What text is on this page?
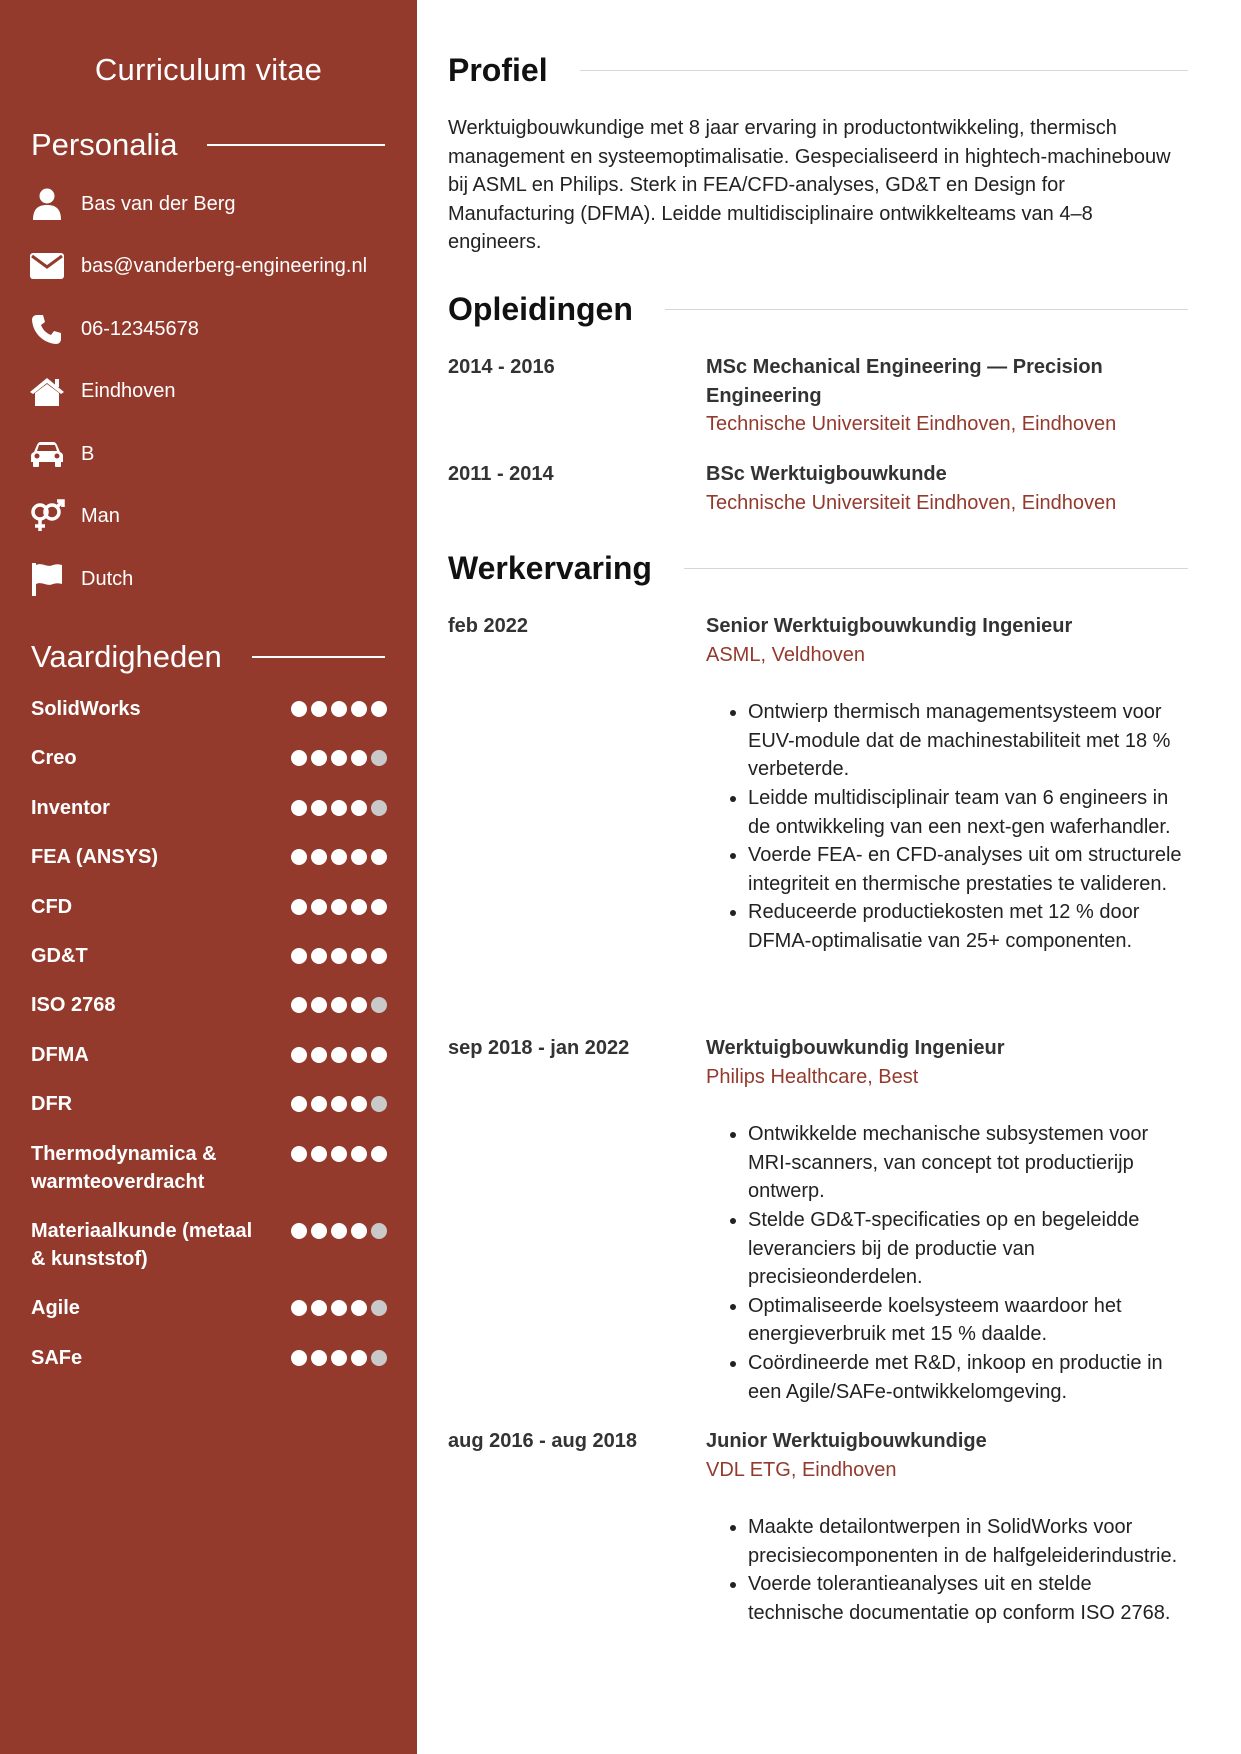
Curriculum vitae
Personalia
Bas van der Berg
bas@vanderberg-engineering.nl
06-12345678
Eindhoven
B
Man
Dutch
Vaardigheden
SolidWorks
Creo
Inventor
FEA (ANSYS)
CFD
GD&T
ISO 2768
DFMA
DFR
Thermodynamica & warmteoverdracht
Materiaalkunde (metaal & kunststof)
Agile
SAFe
Profiel
Werktuigbouwkundige met 8 jaar ervaring in productontwikkeling, thermisch management en systeemoptimalisatie. Gespecialiseerd in hightech-machinebouw bij ASML en Philips. Sterk in FEA/CFD-analyses, GD&T en Design for Manufacturing (DFMA). Leidde multidisciplinaire ontwikkelteams van 4–8 engineers.
Opleidingen
2014 - 2016	MSc Mechanical Engineering — Precision Engineering
Technische Universiteit Eindhoven, Eindhoven
2011 - 2014	BSc Werktuigbouwkunde
Technische Universiteit Eindhoven, Eindhoven
Werkervaring
feb 2022	Senior Werktuigbouwkundig Ingenieur
ASML, Veldhoven
• Ontwierp thermisch managementsysteem voor EUV-module dat de machinestabiliteit met 18 % verbeterde.
• Leidde multidisciplinair team van 6 engineers in de ontwikkeling van een next-gen waferhandler.
• Voerde FEA- en CFD-analyses uit om structurele integriteit en thermische prestaties te valideren.
• Reduceerde productiekosten met 12 % door DFMA-optimalisatie van 25+ componenten.
sep 2018 - jan 2022	Werktuigbouwkundig Ingenieur
Philips Healthcare, Best
• Ontwikkelde mechanische subsystemen voor MRI-scanners, van concept tot productierijp ontwerp.
• Stelde GD&T-specificaties op en begeleidde leveranciers bij de productie van precisieonderdelen.
• Optimaliseerde koelsysteem waardoor het energieverbruik met 15 % daalde.
• Coördineerde met R&D, inkoop en productie in een Agile/SAFe-ontwikkelomgeving.
aug 2016 - aug 2018	Junior Werktuigbouwkundige
VDL ETG, Eindhoven
• Maakte detailontwerpen in SolidWorks voor precisiecomponenten in de halfgeleiderindustrie.
• Voerde tolerantieanalyses uit en stelde technische documentatie op conform ISO 2768.
